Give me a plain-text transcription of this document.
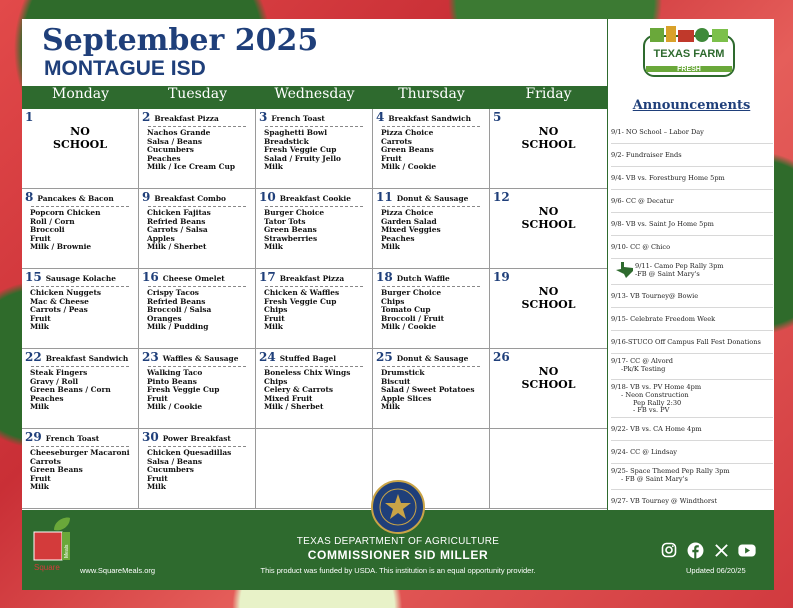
September 2025
MONTAGUE ISD
Monday	Tuesday	Wednesday	Thursday	Friday
1
NO
SCHOOL
2 Breakfast Pizza
Nachos Grande
Salsa / Beans
Cucumbers
Peaches
Milk / Ice Cream Cup
3 French Toast
Spaghetti Bowl
Breadstick
Fresh Veggie Cup
Salad / Fruity Jello
Milk
4 Breakfast Sandwich
Pizza Choice
Carrots
Green Beans
Fruit
Milk / Cookie
5
NO
SCHOOL
8 Pancakes & Bacon
Popcorn Chicken
Roll / Corn
Broccoli
Fruit
Milk / Brownie
9 Breakfast Combo
Chicken Fajitas
Refried Beans
Carrots / Salsa
Apples
Milk / Sherbet
10 Breakfast Cookie
Burger Choice
Tator Tots
Green Beans
Strawberries
Milk
11 Donut & Sausage
Pizza Choice
Garden Salad
Mixed Veggies
Peaches
Milk
12
NO
SCHOOL
15 Sausage Kolache
Chicken Nuggets
Mac & Cheese
Carrots / Peas
Fruit
Milk
16 Cheese Omelet
Crispy Tacos
Refried Beans
Broccoli / Salsa
Oranges
Milk / Pudding
17 Breakfast Pizza
Chicken & Waffles
Fresh Veggie Cup
Chips
Fruit
Milk
18 Dutch Waffle
Burger Choice
Chips
Tomato Cup
Broccoli / Fruit
Milk / Cookie
19
NO
SCHOOL
22 Breakfast Sandwich
Steak Fingers
Gravy / Roll
Green Beans / Corn
Peaches
Milk
23 Waffles & Sausage
Walking Taco
Pinto Beans
Fresh Veggie Cup
Fruit
Milk / Cookie
24 Stuffed Bagel
Boneless Chix Wings
Chips
Celery & Carrots
Mixed Fruit
Milk / Sherbet
25 Donut & Sausage
Drumstick
Biscuit
Salad / Sweet Potatoes
Apple Slices
Milk
26
NO
SCHOOL
29 French Toast
Cheeseburger Macaroni
Carrots
Green Beans
Fruit
Milk
30 Power Breakfast
Chicken Quesadillas
Salsa / Beans
Cucumbers
Fruit
Milk
TEXAS FARM
FRESH
Announcements
9/1- NO School – Labor Day
9/2- Fundraiser Ends
9/4- VB vs. Forestburg Home 5pm
9/6- CC @ Decatur
9/8- VB vs. Saint Jo Home 5pm
9/10- CC @ Chico
9/11- Camo Pep Rally 3pm
-FB @ Saint Mary's
9/13- VB Tourney@ Bowie
9/15- Celebrate Freedom Week
9/16-STUCO Off Campus Fall Fest Donations
9/17- CC @ Alvord
-Pk/K Testing
9/18- VB vs. PV Home 4pm
- Neon Construction
Pep Rally 2:30
- FB vs. PV
9/22- VB vs. CA Home 4pm
9/24- CC @ Lindsay
9/25- Space Themed Pep Rally 3pm
- FB @ Saint Mary's
9/27- VB Tourney @ Windthorst
Square
Meals
www.SquareMeals.org
TEXAS DEPARTMENT OF AGRICULTURE
COMMISSIONER SID MILLER
This product was funded by USDA. This institution is an equal opportunity provider.	Updated 06/20/25
